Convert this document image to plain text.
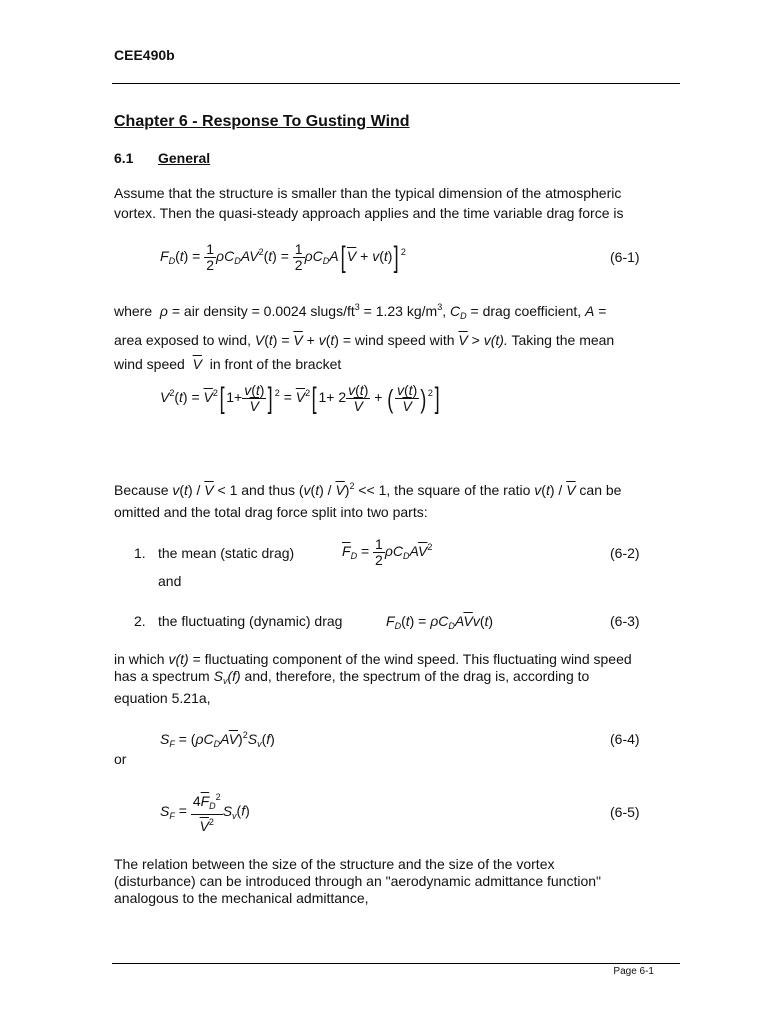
CEE490b
Chapter 6 - Response To Gusting Wind
6.1 General
Assume that the structure is smaller than the typical dimension of the atmospheric
vortex. Then the quasi-steady approach applies and the time variable drag force is
$F_D(t) = \frac{1}{2} \rho C_DAV^2(t) = \frac{1}{2} \rho C_DA$[ $\overline{V} + v(t)$] $^2$	(6-1)
where ρ = air density = 0.0024 slugs/$ft^3 = 1.23$ $kg/m^3$, $C_D$ = drag coefficient, A =
area exposed to wind, $V(t) = \overline{V} + v(t)$ = wind speed with $\overline{V} > v(t)$. Taking the mean
wind speed  $\overline{V}$  in front of the bracket
$V^2(t) = \overline{V}^2$[ $1+ \frac{v(t)}{V}$ ] $^2 = \overline{V}^2$[ $1+ 2 \frac{v(t)}{V}$ + ( $\frac{v(t)}{V} )^2$]
Because $v(t) / \overline{V} < 1$ and thus $(v(t) / \overline{V})^2 << 1$, the square of the ratio $v(t) / \overline{V}$ can be
omitted and the total drag force split into two parts:
1. the mean (static drag)	$\overline{F}_D = \frac{1}{2} \rho C_DA\overline{V}^2$	(6-2)
and
2. the fluctuating (dynamic) drag	$F_D(t) = \rho C_DA\overline{V}v(t)$	(6-3)
in which v(t) = fluctuating component of the wind speed. This fluctuating wind speed
has a spectrum $S_v(f)$ and, therefore, the spectrum of the drag is, according to
equation 5.21a,
$S_F = (\rho C_DA\overline{V})^2S_v(f)$	(6-4)
or
$S_F = \frac{4\overline{F}_D^2}{\overline{V}^2} S_v(f)$	(6-5)
The relation between the size of the structure and the size of the vortex
(disturbance) can be introduced through an "aerodynamic admittance function"
analogous to the mechanical admittance,
Page 6-1
